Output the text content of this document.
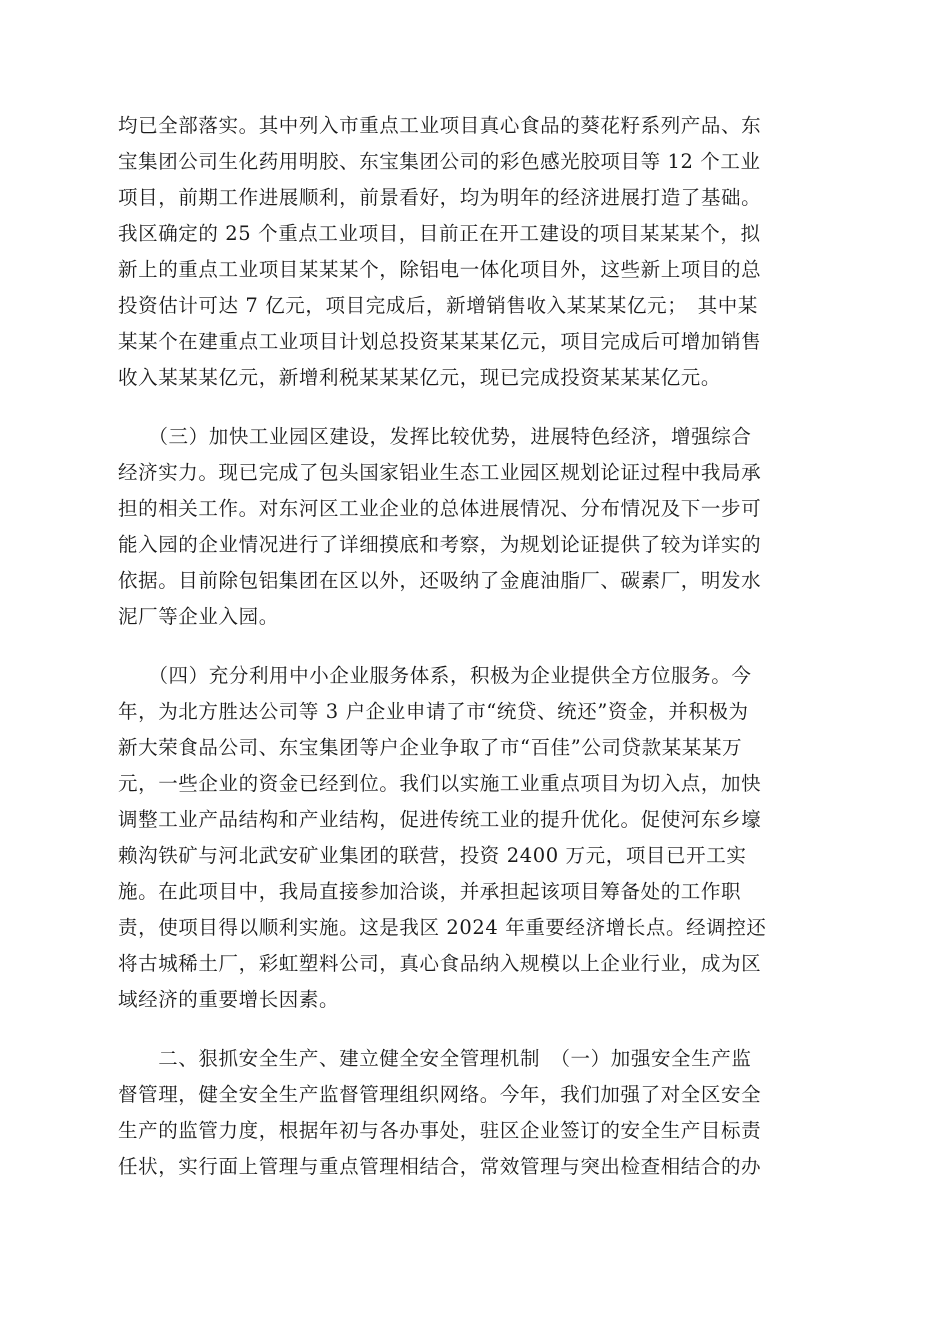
均已全部落实。其中列入市重点工业项目真心食品的葵花籽系列产品、东
宝集团公司生化药用明胶、东宝集团公司的彩色感光胶项目等 12 个工业
项目，前期工作进展顺利，前景看好，均为明年的经济进展打造了基础。
我区确定的 25 个重点工业项目，目前正在开工建设的项目某某某个，拟
新上的重点工业项目某某某个，除铝电一体化项目外，这些新上项目的总
投资估计可达 7 亿元，项目完成后，新增销售收入某某某亿元；　其中某
某某个在建重点工业项目计划总投资某某某亿元，项目完成后可增加销售
收入某某某亿元，新增利税某某某亿元，现已完成投资某某某亿元。
　　（三）加快工业园区建设，发挥比较优势，进展特色经济，增强综合
经济实力。现已完成了包头国家铝业生态工业园区规划论证过程中我局承
担的相关工作。对东河区工业企业的总体进展情况、分布情况及下一步可
能入园的企业情况进行了详细摸底和考察，为规划论证提供了较为详实的
依据。目前除包铝集团在区以外，还吸纳了金鹿油脂厂、碳素厂，明发水
泥厂等企业入园。
　　（四）充分利用中小企业服务体系，积极为企业提供全方位服务。今
年，为北方胜达公司等 3 户企业申请了市“统贷、统还”资金，并积极为
新大荣食品公司、东宝集团等户企业争取了市“百佳”公司贷款某某某万
元，一些企业的资金已经到位。我们以实施工业重点项目为切入点，加快
调整工业产品结构和产业结构，促进传统工业的提升优化。促使河东乡壕
赖沟铁矿与河北武安矿业集团的联营，投资 2400 万元，项目已开工实
施。在此项目中，我局直接参加洽谈，并承担起该项目筹备处的工作职
责，使项目得以顺利实施。这是我区 2024 年重要经济增长点。经调控还
将古城稀土厂，彩虹塑料公司，真心食品纳入规模以上企业行业，成为区
域经济的重要增长因素。
　　二、狠抓安全生产、建立健全安全管理机制　（一）加强安全生产监
督管理，健全安全生产监督管理组织网络。今年，我们加强了对全区安全
生产的监管力度，根据年初与各办事处，驻区企业签订的安全生产目标责
任状，实行面上管理与重点管理相结合，常效管理与突出检查相结合的办
